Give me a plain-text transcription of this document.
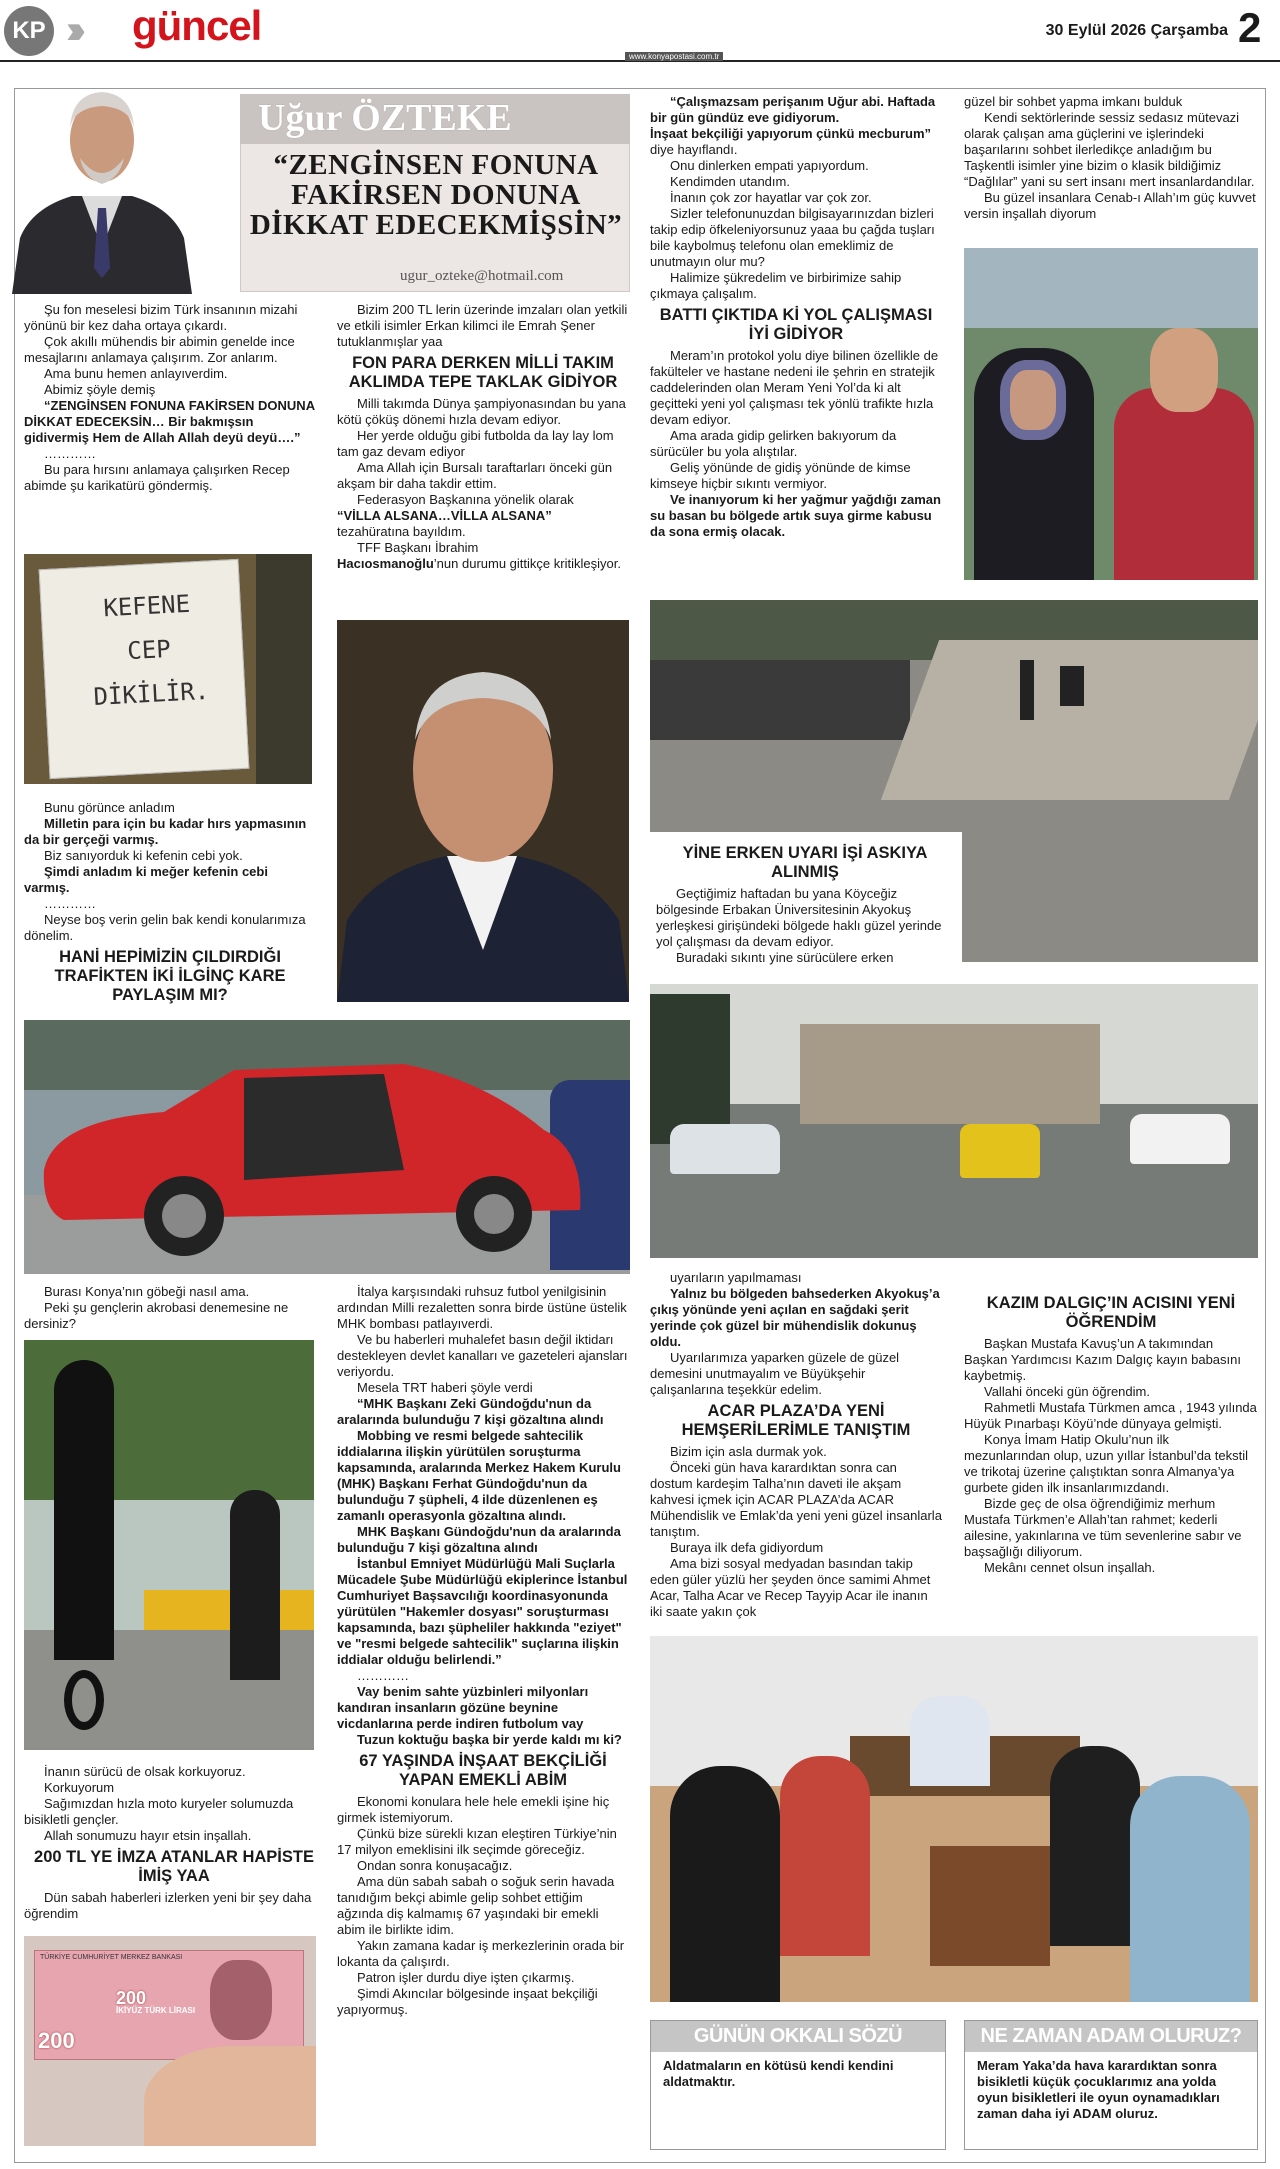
KP ››› güncel
www.konyapostasi.com.tr
30 Eylül 2026 Çarşamba 2
Uğur ÖZTEKE
“ZENGİNSEN FONUNA FAKİRSEN DONUNA DİKKAT EDECEKMİŞSİN”
ugur_ozteke@hotmail.com

Şu fon meselesi bizim Türk insanının mizahi yönünü bir kez daha ortaya çıkardı.

Çok akıllı mühendis bir abimin genelde ince mesajlarını anlamaya çalışırım. Zor anlarım.

Ama bunu hemen anlayıverdim.

Abimiz şöyle demiş

“ZENGİNSEN FONUNA FAKİRSEN DONUNA DİKKAT EDECEKSİN… Bir bakmışsın gidivermiş Hem de Allah Allah deyü deyü….”

…………

Bu para hırsını anlamaya çalışırken Recep abimde şu karikatürü göndermiş.

KEFENE
CEP
DİKİLİR.

Bunu görünce anladım

Milletin para için bu kadar hırs yapmasının da bir gerçeği varmış.

Biz sanıyorduk ki kefenin cebi yok.

Şimdi anladım ki meğer kefenin cebi varmış.

…………

Neyse boş verin gelin bak kendi konularımıza dönelim.

HANİ HEPİMİZİN ÇILDIRDIĞI TRAFİKTEN İKİ İLGİNÇ KARE PAYLAŞIM MI?

Burası Konya’nın göbeği nasıl ama.

Peki şu gençlerin akrobasi denemesine ne dersiniz?

İnanın sürücü de olsak korkuyoruz.

Korkuyorum

Sağımızdan hızla moto kuryeler solumuzda bisikletli gençler.

Allah sonumuzu hayır etsin inşallah.

200 TL YE İMZA ATANLAR HAPİSTE İMİŞ YAA

Dün sabah haberleri izlerken yeni bir şey daha öğrendim

TÜRKİYE CUMHURİYET MERKEZ BANKASI
200
İKİYÜZ TÜRK LİRASI
200

Bizim 200 TL lerin üzerinde imzaları olan yetkili ve etkili isimler Erkan kilimci ile Emrah Şener tutuklanmışlar yaa

FON PARA DERKEN MİLLİ TAKIM AKLIMDA TEPE TAKLAK GİDİYOR

Milli takımda Dünya şampiyonasından bu yana kötü çöküş dönemi hızla devam ediyor.

Her yerde olduğu gibi futbolda da lay lay lom tam gaz devam ediyor

Ama Allah için Bursalı taraftarları önceki gün akşam bir daha takdir ettim.

Federasyon Başkanına yönelik olarak

“VİLLA ALSANA…VİLLA ALSANA”

tezahüratına bayıldım.

TFF Başkanı İbrahim

Hacıosmanoğlu’nun durumu gittikçe kritikleşiyor.

İtalya karşısındaki ruhsuz futbol yenilgisinin ardından Milli rezaletten sonra birde üstüne üstelik MHK bombası patlayıverdi.

Ve bu haberleri muhalefet basın değil iktidarı destekleyen devlet kanalları ve gazeteleri ajansları veriyordu.

Mesela TRT haberi şöyle verdi

“MHK Başkanı Zeki Gündoğdu'nun da aralarında bulunduğu 7 kişi gözaltına alındı

Mobbing ve resmi belgede sahtecilik iddialarına ilişkin yürütülen soruşturma kapsamında, aralarında Merkez Hakem Kurulu (MHK) Başkanı Ferhat Gündoğdu'nun da bulunduğu 7 şüpheli, 4 ilde düzenlenen eş zamanlı operasyonla gözaltına alındı.

MHK Başkanı Gündoğdu'nun da aralarında bulunduğu 7 kişi gözaltına alındı

İstanbul Emniyet Müdürlüğü Mali Suçlarla Mücadele Şube Müdürlüğü ekiplerince İstanbul Cumhuriyet Başsavcılığı koordinasyonunda yürütülen "Hakemler dosyası" soruşturması kapsamında, bazı şüpheliler hakkında "eziyet" ve "resmi belgede sahtecilik" suçlarına ilişkin iddialar olduğu belirlendi.”

…………

Vay benim sahte yüzbinleri milyonları kandıran insanların gözüne beynine vicdanlarına perde indiren futbolum vay

Tuzun koktuğu başka bir yerde kaldı mı ki?

67 YAŞINDA İNŞAAT BEKÇİLİĞİ YAPAN EMEKLİ ABİM

Ekonomi konulara hele hele emekli işine hiç girmek istemiyorum.

Çünkü bize sürekli kızan eleştiren Türkiye’nin 17 milyon emeklisini ilk seçimde göreceğiz.

Ondan sonra konuşacağız.

Ama dün sabah sabah o soğuk serin havada tanıdığım bekçi abimle gelip sohbet ettiğim ağzında diş kalmamış 67 yaşındaki bir emekli abim ile birlikte idim.

Yakın zamana kadar iş merkezlerinin orada bir lokanta da çalışırdı.

Patron işler durdu diye işten çıkarmış.

Şimdi Akıncılar bölgesinde inşaat bekçiliği yapıyormuş.

“Çalışmazsam perişanım Uğur abi. Haftada bir gün gündüz eve gidiyorum.

İnşaat bekçiliği yapıyorum çünkü mecburum” diye hayıflandı.

Onu dinlerken empati yapıyordum.

Kendimden utandım.

İnanın çok zor hayatlar var çok zor.

Sizler telefonunuzdan bilgisayarınızdan bizleri takip edip öfkeleniyorsunuz yaaa bu çağda tuşları bile kaybolmuş telefonu olan emeklimiz de unutmayın olur mu?

Halimize şükredelim ve birbirimize sahip çıkmaya çalışalım.

BATTI ÇIKTIDA Kİ YOL ÇALIŞMASI İYİ GİDİYOR

Meram’ın protokol yolu diye bilinen özellikle de fakülteler ve hastane nedeni ile şehrin en stratejik caddelerinden olan Meram Yeni Yol’da ki alt geçitteki yeni yol çalışması tek yönlü trafikte hızla devam ediyor.

Ama arada gidip gelirken bakıyorum da sürücüler bu yola alıştılar.

Geliş yönünde de gidiş yönünde de kimse kimseye hiçbir sıkıntı vermiyor.

Ve inanıyorum ki her yağmur yağdığı zaman su basan bu bölgede artık suya girme kabusu da sona ermiş olacak.

YİNE ERKEN UYARI İŞİ ASKIYA ALINMIŞ

Geçtiğimiz haftadan bu yana Köyceğiz bölgesinde Erbakan Üniversitesinin Akyokuş yerleşkesi girişündeki bölgede haklı güzel yerinde yol çalışması da devam ediyor.

Buradaki sıkıntı yine sürücülere erken

uyarıların yapılmaması

Yalnız bu bölgeden bahsederken Akyokuş’a çıkış yönünde yeni açılan en sağdaki şerit yerinde çok güzel bir mühendislik dokunuş oldu.

Uyarılarımıza yaparken güzele de güzel demesini unutmayalım ve Büyükşehir çalışanlarına teşekkür edelim.

ACAR PLAZA’DA YENİ HEMŞERİLERİMLE TANIŞTIM

Bizim için asla durmak yok.

Önceki gün hava karardıktan sonra can dostum kardeşim Talha’nın daveti ile akşam kahvesi içmek için ACAR PLAZA’da ACAR Mühendislik ve Emlak’da yeni yeni güzel insanlarla tanıştım.

Buraya ilk defa gidiyordum

Ama bizi sosyal medyadan basından takip eden güler yüzlü her şeyden önce samimi Ahmet Acar, Talha Acar ve Recep Tayyip Acar ile inanın iki saate yakın çok

güzel bir sohbet yapma imkanı bulduk

Kendi sektörlerinde sessiz sedasız mütevazi olarak çalışan ama güçlerini ve işlerindeki başarılarını sohbet ilerledikçe anladığım bu Taşkentli isimler yine bizim o klasik bildiğimiz “Dağlılar” yani su sert insanı mert insanlardandılar.

Bu güzel insanlara Cenab-ı Allah’ım güç kuvvet versin inşallah diyorum

KAZIM DALGIÇ’IN ACISINI YENİ ÖĞRENDİM

Başkan Mustafa Kavuş’un A takımından Başkan Yardımcısı Kazım Dalgıç kayın babasını kaybetmiş.

Vallahi önceki gün öğrendim.

Rahmetli Mustafa Türkmen amca , 1943 yılında Hüyük Pınarbaşı Köyü’nde dünyaya gelmişti.

Konya İmam Hatip Okulu’nun ilk mezunlarından olup, uzun yıllar İstanbul’da tekstil ve trikotaj üzerine çalıştıktan sonra Almanya’ya gurbete giden ilk insanlarımızdandı.

Bizde geç de olsa öğrendiğimiz merhum Mustafa Türkmen’e Allah’tan rahmet; kederli ailesine, yakınlarına ve tüm sevenlerine sabır ve başsağlığı diliyorum.

Mekânı cennet olsun inşallah.

GÜNÜN OKKALI SÖZÜ
Aldatmaların en kötüsü kendi kendini aldatmaktır.
NE ZAMAN ADAM OLURUZ?
Meram Yaka’da hava karardıktan sonra bisikletli küçük çocuklarımız ana yolda oyun bisikletleri ile oyun oynamadıkları zaman daha iyi ADAM oluruz.
